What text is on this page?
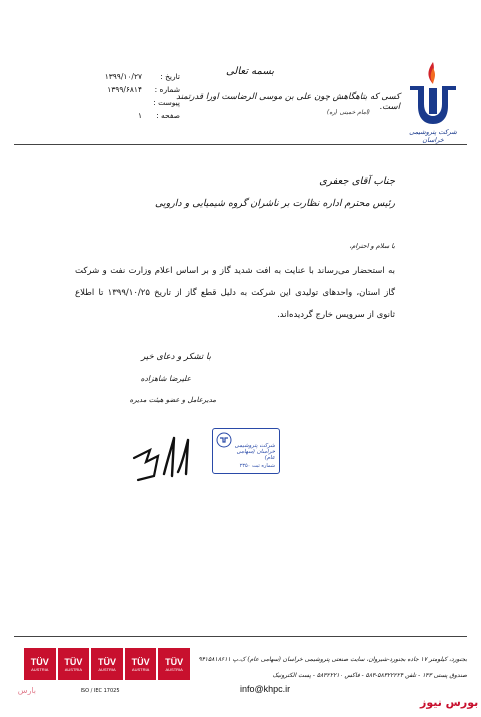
تاریخ :
۱۳۹۹/۱۰/۲۷
شماره :
۱۳۹۹/۶۸۱۴
پیوست :
صفحه :
۱
بسمه تعالی
کسی که بتاهگاهش چون علی بن موسی الرضاست اورا قدرتمند است.
(امام خمینی (ره)
شرکت پتروشیمی خراسان
جناب آقای جعفری
رئیس محترم اداره نظارت بر ناشران گروه شیمیایی و دارویی
با سلام و احترام،
به استحضار می‌رساند با عنایت به افت شدید گاز و بر اساس اعلام وزارت نفت و شرکت گاز استان، واحدهای تولیدی این شرکت به دلیل قطع گاز از تاریخ ۱۳۹۹/۱۰/۲۵ تا اطلاع ثانوی از سرویس خارج گردیده‌اند.
با تشکر و دعای خیر
علیرضا شاهزاده
مدیرعامل و عضو هیئت مدیره
شرکت پتروشیمی خراسان (سهامی عام)
شماره ثبت ۲۳۵۰
TÜV
AUSTRIA
TÜV
AUSTRIA
TÜV
AUSTRIA
TÜV
AUSTRIA
TÜV
AUSTRIA
ISO / IEC 17025
بارس
بجنورد، کیلومتر ۱۷ جاده بجنورد-شیروان، سایت صنعتی پتروشیمی خراسان (سهامی عام) ک.پ ۹۴۱۵۸۱۸۶۱۱
صندوق پستی ۱۴۳ - تلفن ۵۸۳۲۲۲۲۴-۵۸۳ - فاکس ۵۸۳۲۲۲۱۰ - پست الکترونیک
info@khpc.ir
بورس نیوز
